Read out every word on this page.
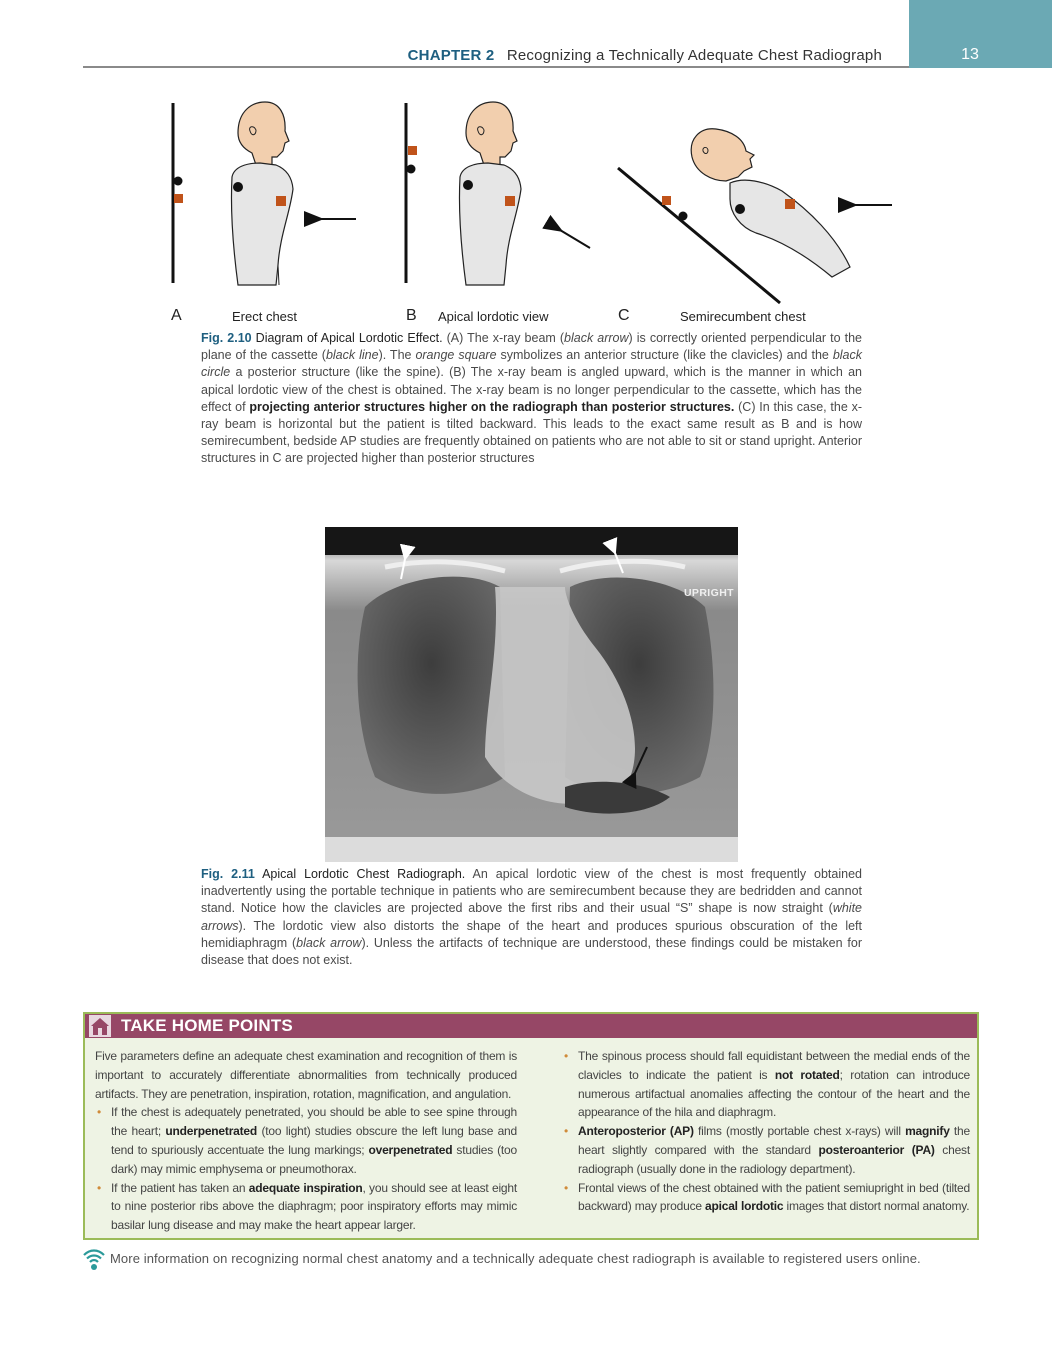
13
CHAPTER 2 Recognizing a Technically Adequate Chest Radiograph
A	Erect chest	B Apical lordotic view	C	Semirecumbent chest
Fig. 2.10 Diagram of Apical Lordotic Effect. (A) The x-ray beam (black arrow) is correctly oriented perpendicular to the plane of the cassette (black line). The orange square symbolizes an anterior structure (like the clavicles) and the black circle a posterior structure (like the spine). (B) The x-ray beam is angled upward, which is the manner in which an apical lordotic view of the chest is obtained. The x-ray beam is no longer perpendicular to the cassette, which has the effect of projecting anterior structures higher on the radiograph than posterior structures. (C) In this case, the x-ray beam is horizontal but the patient is tilted backward. This leads to the exact same result as B and is how semirecumbent, bedside AP studies are frequently obtained on patients who are not able to sit or stand upright. Anterior structures in C are projected higher than posterior structures
UPRIGHT
Fig. 2.11 Apical Lordotic Chest Radiograph. An apical lordotic view of the chest is most frequently obtained inadvertently using the portable technique in patients who are semirecumbent because they are bedridden and cannot stand. Notice how the clavicles are projected above the first ribs and their usual “S” shape is now straight (white arrows). The lordotic view also distorts the shape of the heart and produces spurious obscuration of the left hemidiaphragm (black arrow). Unless the artifacts of technique are understood, these findings could be mistaken for disease that does not exist.
TAKE HOME POINTS

Five parameters define an adequate chest examination and recognition of them is important to accurately differentiate abnormalities from technically produced artifacts. They are penetration, inspiration, rotation, magnification, and angulation.

• If the chest is adequately penetrated, you should be able to see spine through the heart; underpenetrated (too light) studies obscure the left lung base and tend to spuriously accentuate the lung markings; overpenetrated studies (too dark) may mimic emphysema or pneumothorax.
• If the patient has taken an adequate inspiration, you should see at least eight to nine posterior ribs above the diaphragm; poor inspiratory efforts may mimic basilar lung disease and may make the heart appear larger.
• The spinous process should fall equidistant between the medial ends of the clavicles to indicate the patient is not rotated; rotation can introduce numerous artifactual anomalies affecting the contour of the heart and the appearance of the hila and diaphragm.
• Anteroposterior (AP) films (mostly portable chest x-rays) will magnify the heart slightly compared with the standard posteroanterior (PA) chest radiograph (usually done in the radiology department).
• Frontal views of the chest obtained with the patient semiupright in bed (tilted backward) may produce apical lordotic images that distort normal anatomy.
More information on recognizing normal chest anatomy and a technically adequate chest radiograph is available to registered users online.
